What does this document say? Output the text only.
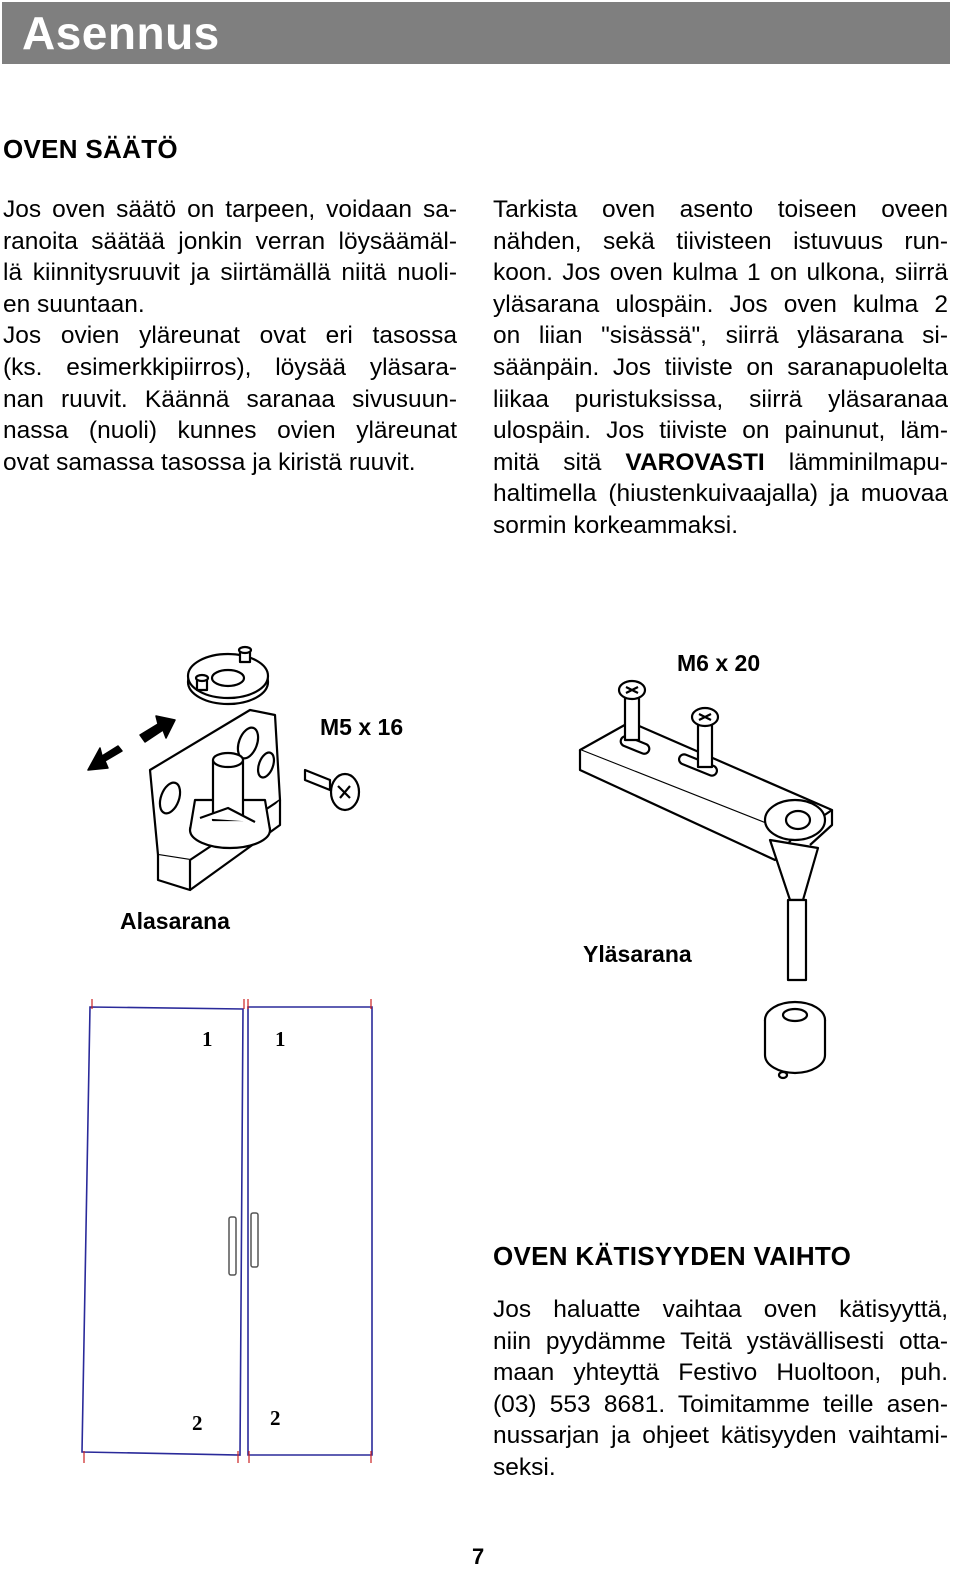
Asennus
OVEN SÄÄTÖ
Jos oven säätö on tarpeen, voidaan sa-
ranoita säätää jonkin verran löysäämäl-
lä kiinnitysruuvit ja siirtämällä niitä nuoli-
en suuntaan.
Jos ovien yläreunat ovat eri tasossa
(ks. esimerkkipiirros), löysää yläsara-
nan ruuvit. Käännä saranaa sivusuun-
nassa (nuoli) kunnes ovien yläreunat
ovat samassa tasossa ja kiristä ruuvit.
Tarkista oven asento toiseen oveen
nähden, sekä tiivisteen istuvuus run-
koon. Jos oven kulma 1 on ulkona, siirrä
yläsarana ulospäin. Jos oven kulma 2
on liian "sisässä", siirrä yläsarana si-
säänpäin. Jos tiiviste on saranapuolelta
liikaa puristuksissa, siirrä yläsaranaa
ulospäin. Jos tiiviste on painunut, läm-
mitä sitä VAROVASTI lämminilmapu-
haltimella (hiustenkuivaajalla) ja muovaa
sormin korkeammaksi.
M5 x 16
M6 x 20
Alasarana
Yläsarana
1	1
2	2
OVEN KÄTISYYDEN VAIHTO
Jos haluatte vaihtaa oven kätisyyttä,
niin pyydämme Teitä ystävällisesti otta-
maan yhteyttä Festivo Huoltoon, puh.
(03) 553 8681. Toimitamme teille asen-
nussarjan ja ohjeet kätisyyden vaihtami-
seksi.
7
